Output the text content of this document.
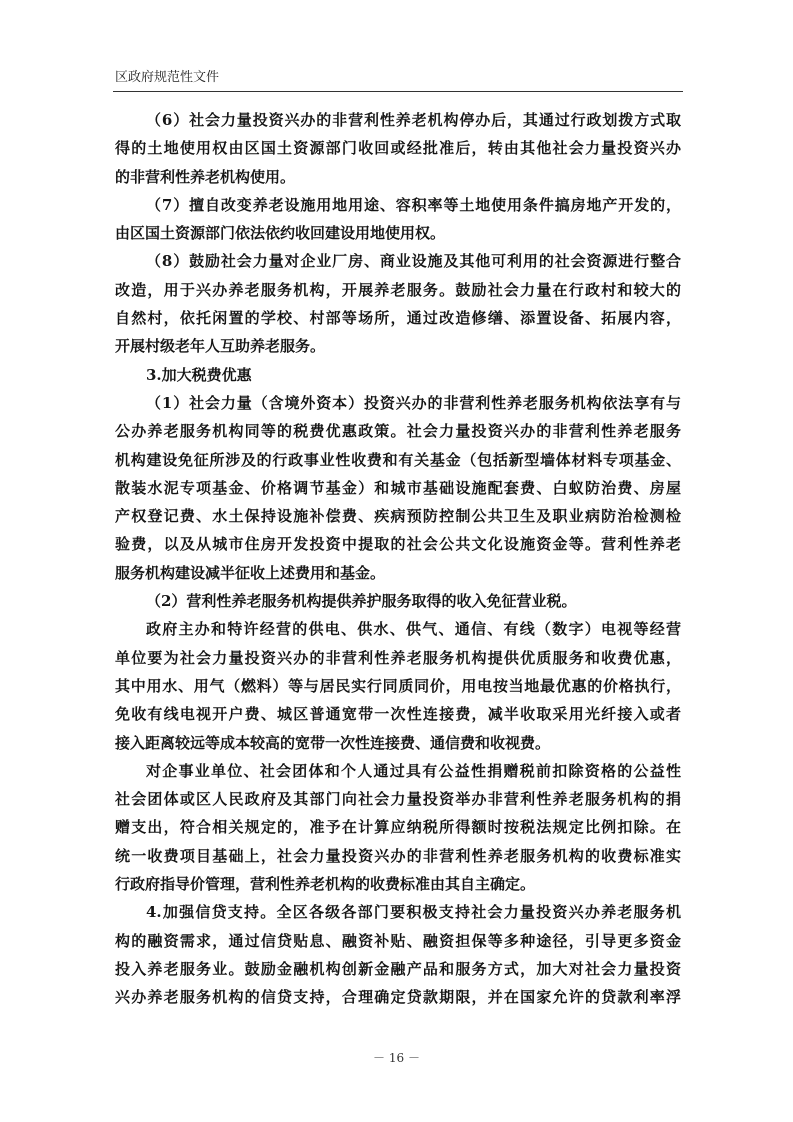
区政府规范性文件
（6）社会力量投资兴办的非营利性养老机构停办后，其通过行政划拨方式取
得的土地使用权由区国土资源部门收回或经批准后，转由其他社会力量投资兴办
的非营利性养老机构使用。
（7）擅自改变养老设施用地用途、容积率等土地使用条件搞房地产开发的，
由区国土资源部门依法依约收回建设用地使用权。
（8）鼓励社会力量对企业厂房、商业设施及其他可利用的社会资源进行整合
改造，用于兴办养老服务机构，开展养老服务。鼓励社会力量在行政村和较大的
自然村，依托闲置的学校、村部等场所，通过改造修缮、添置设备、拓展内容，
开展村级老年人互助养老服务。
3.加大税费优惠
（1）社会力量（含境外资本）投资兴办的非营利性养老服务机构依法享有与
公办养老服务机构同等的税费优惠政策。社会力量投资兴办的非营利性养老服务
机构建设免征所涉及的行政事业性收费和有关基金（包括新型墙体材料专项基金、
散装水泥专项基金、价格调节基金）和城市基础设施配套费、白蚁防治费、房屋
产权登记费、水土保持设施补偿费、疾病预防控制公共卫生及职业病防治检测检
验费，以及从城市住房开发投资中提取的社会公共文化设施资金等。营利性养老
服务机构建设减半征收上述费用和基金。
（2）营利性养老服务机构提供养护服务取得的收入免征营业税。
政府主办和特许经营的供电、供水、供气、通信、有线（数字）电视等经营
单位要为社会力量投资兴办的非营利性养老服务机构提供优质服务和收费优惠，
其中用水、用气（燃料）等与居民实行同质同价，用电按当地最优惠的价格执行，
免收有线电视开户费、城区普通宽带一次性连接费，减半收取采用光纤接入或者
接入距离较远等成本较高的宽带一次性连接费、通信费和收视费。
对企事业单位、社会团体和个人通过具有公益性捐赠税前扣除资格的公益性
社会团体或区人民政府及其部门向社会力量投资举办非营利性养老服务机构的捐
赠支出，符合相关规定的，准予在计算应纳税所得额时按税法规定比例扣除。在
统一收费项目基础上，社会力量投资兴办的非营利性养老服务机构的收费标准实
行政府指导价管理，营利性养老机构的收费标准由其自主确定。
4.加强信贷支持。全区各级各部门要积极支持社会力量投资兴办养老服务机
构的融资需求，通过信贷贴息、融资补贴、融资担保等多种途径，引导更多资金
投入养老服务业。鼓励金融机构创新金融产品和服务方式，加大对社会力量投资
兴办养老服务机构的信贷支持，合理确定贷款期限，并在国家允许的贷款利率浮
－ 16 －
